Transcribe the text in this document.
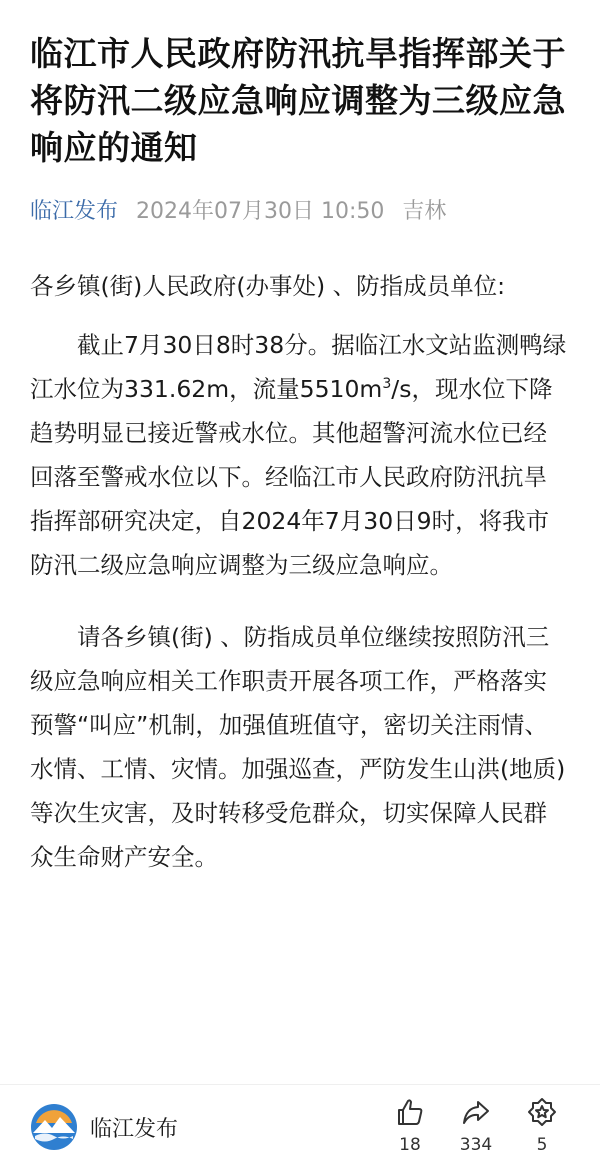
临江市人民政府防汛抗旱指挥部关于将防汛二级应急响应调整为三级应急响应的通知
临江发布 2024年07月30日 10:50 吉林

各乡镇(街)人民政府(办事处) 、防指成员单位:

截止7月30日8时38分。据临江水文站监测鸭绿江水位为331.62m，流量$5510m^3/s$，现水位下降趋势明显已接近警戒水位。其他超警河流水位已经回落至警戒水位以下。经临江市人民政府防汛抗旱指挥部研究决定，自2024年7月30日9时，将我市防汛二级应急响应调整为三级应急响应。

请各乡镇(街) 、防指成员单位继续按照防汛三级应急响应相关工作职责开展各项工作，严格落实预警“叫应”机制，加强值班值守，密切关注雨情、水情、工情、灾情。加强巡查，严防发生山洪(地质) 等次生灾害，及时转移受危群众，切实保障人民群众生命财产安全。

临江发布
18	334	5
